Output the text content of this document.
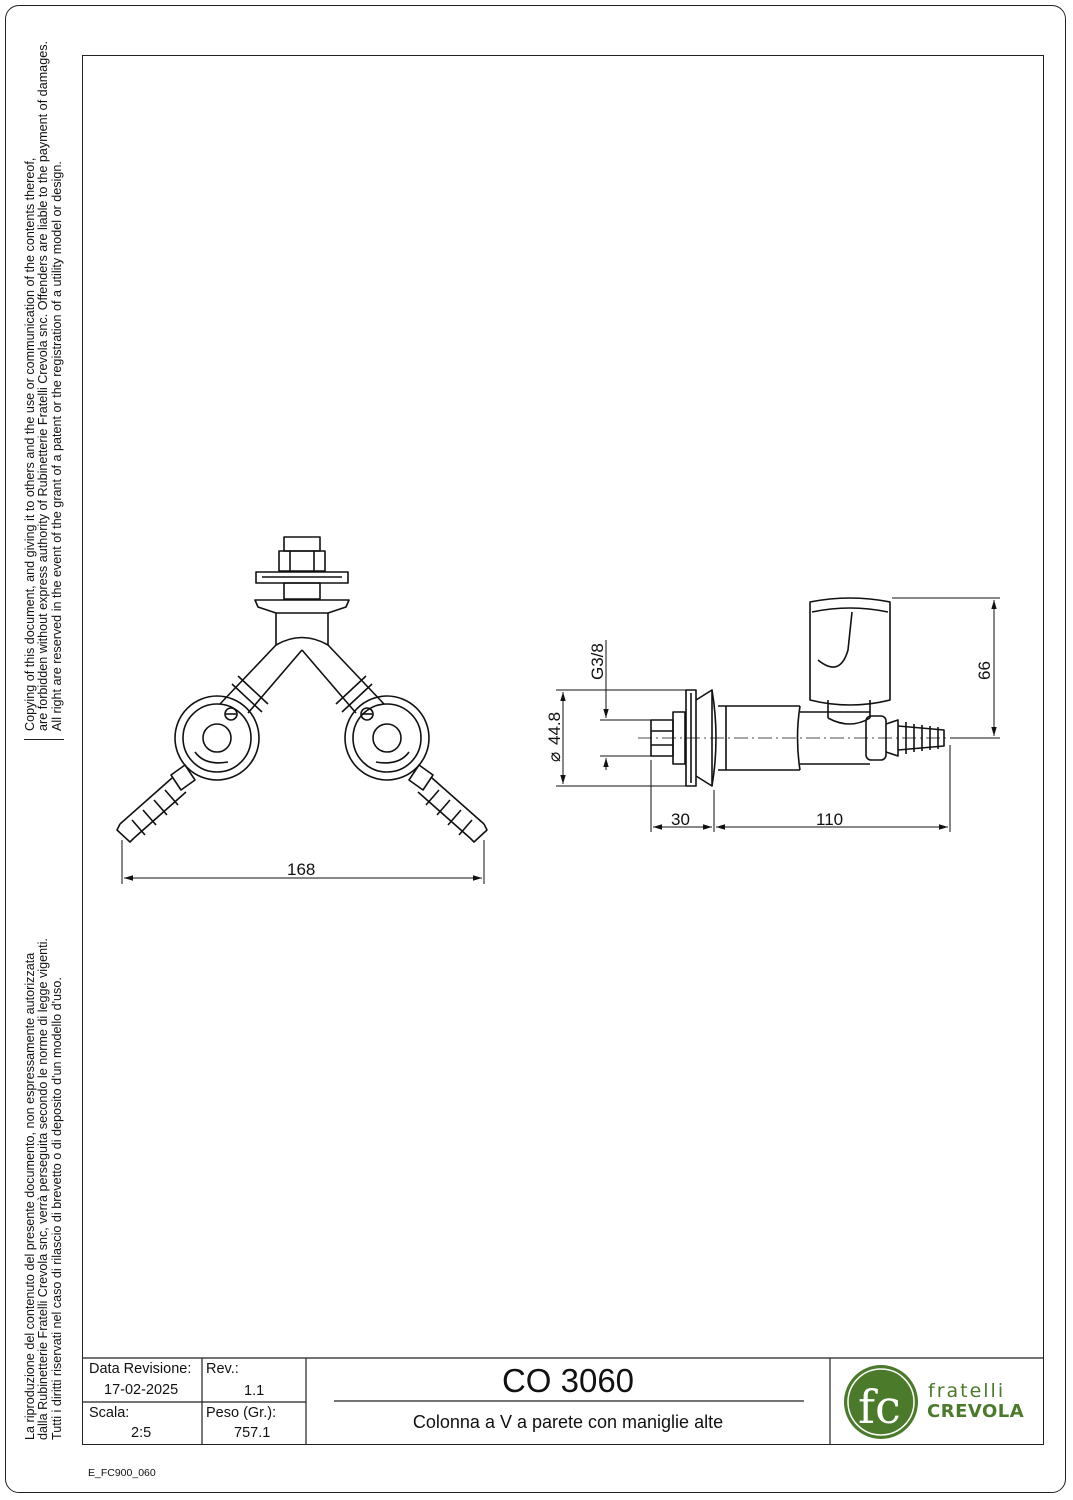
Copying of this document, and giving it to others and the use or communication of the contents thereof, are forbidden without express authority of Rubinetterie Fratelli Crevola snc. Offenders are liable to the payment of damages. All right are reserved in the event of the grant of a patent or the registration of a utility model or design.
La riproduzione del contenuto del presente documento, non espressamente autorizzata dalla Rubinetterie Fratelli Crevola snc, verrà perseguita secondo le norme di legge vigenti. Tutti i diritti riservati nel caso di rilascio di brevetto o di deposito d'un modello d'uso.
168
30	110
G3/8
⌀
44.8
66
fc
Data Revisione:
17-02-2025
Rev.:
1.1
Scala:
2:5
Peso (Gr.):
757.1
CO 3060
Colonna a V a parete con maniglie alte
fratelli
CREVOLA
E_FC900_060
